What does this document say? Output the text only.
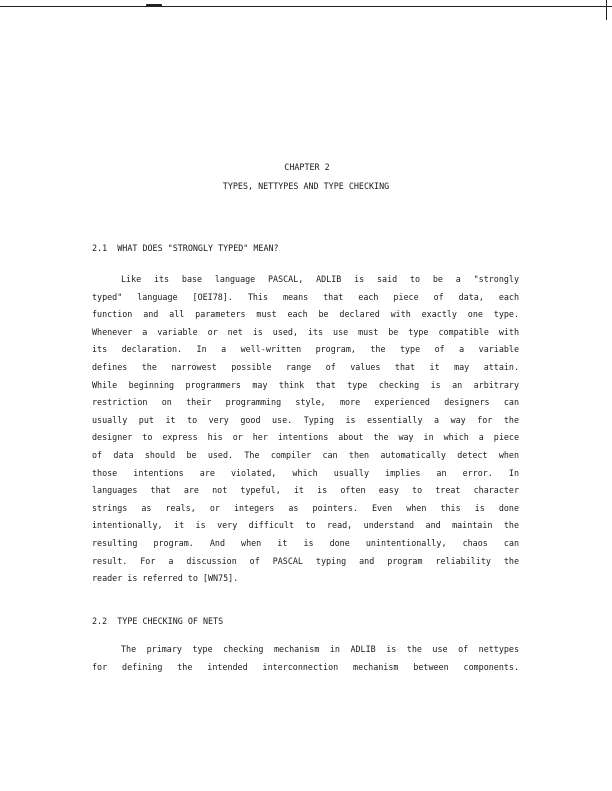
CHAPTER 2
TYPES, NETTYPES AND TYPE CHECKING
2.1 WHAT DOES "STRONGLY TYPED" MEAN?
Like its base language PASCAL, ADLIB is said to be a "strongly
typed" language [OEI78]. This means that each piece of data, each
function and all parameters must each be declared with exactly one type.
Whenever a variable or net is used, its use must be type compatible with
its declaration. In a well-written program, the type of a variable
defines the narrowest possible range of values that it may attain.
While beginning programmers may think that type checking is an arbitrary
restriction on their programming style, more experienced designers can
usually put it to very good use. Typing is essentially a way for the
designer to express his or her intentions about the way in which a piece
of data should be used. The compiler can then automatically detect when
those intentions are violated, which usually implies an error. In
languages that are not typeful, it is often easy to treat character
strings as reals, or integers as pointers. Even when this is done
intentionally, it is very difficult to read, understand and maintain the
resulting program. And when it is done unintentionally, chaos can
result. For a discussion of PASCAL typing and program reliability the
reader is referred to [WN75].
2.2 TYPE CHECKING OF NETS
The primary type checking mechanism in ADLIB is the use of nettypes
for defining the intended interconnection mechanism between components.
